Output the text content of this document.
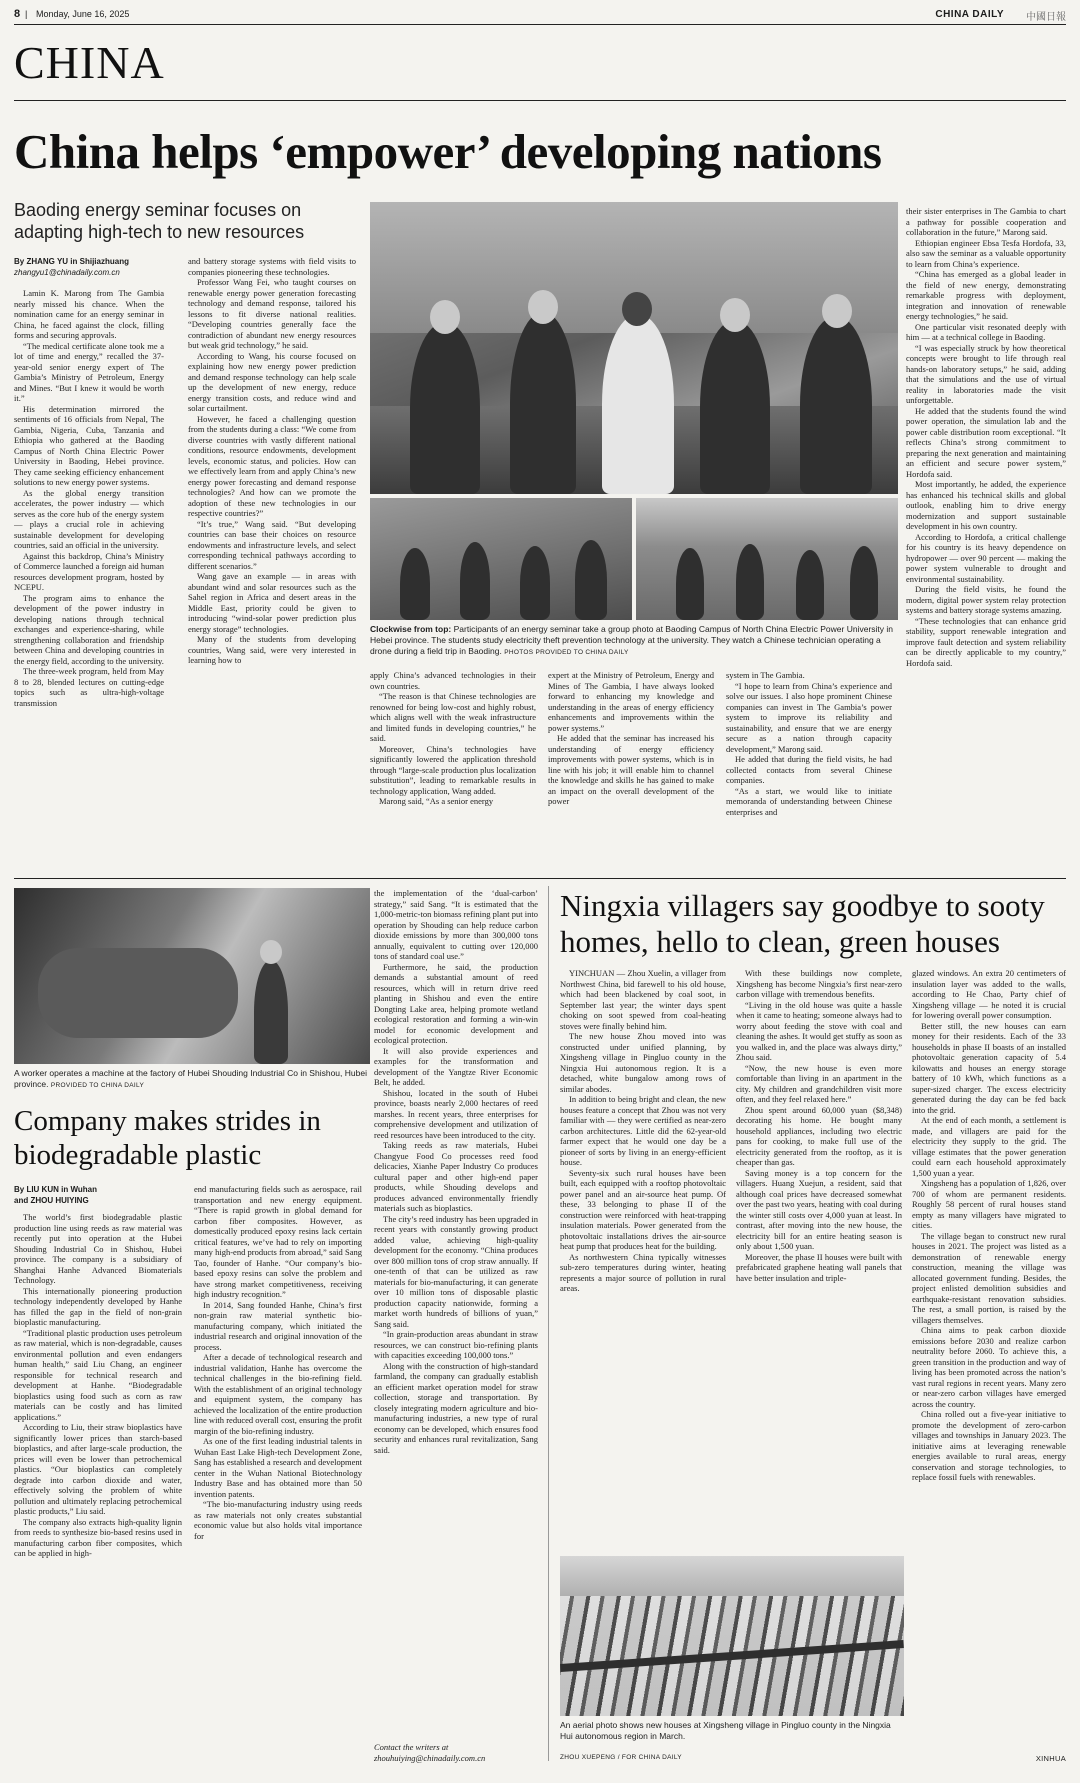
8 | Monday, June 16, 2025	CHINA DAILY 中國日報
CHINA
China helps ‘empower’ developing nations
Baoding energy seminar focuses on adapting high-tech to new resources
By ZHANG YU in Shijiazhuang
zhangyu1@chinadaily.com.cn

Lamin K. Marong from The Gambia nearly missed his chance. When the nomination came for an energy seminar in China, he faced against the clock, filling forms and securing approvals.

“The medical certificate alone took me a lot of time and energy,” recalled the 37-year-old senior energy expert of The Gambia’s Ministry of Petroleum, Energy and Mines. “But I knew it would be worth it.”

His determination mirrored the sentiments of 16 officials from Nepal, The Gambia, Nigeria, Cuba, Tanzania and Ethiopia who gathered at the Baoding Campus of North China Electric Power University in Baoding, Hebei province. They came seeking efficiency enhancement solutions to new energy power systems.

As the global energy transition accelerates, the power industry — which serves as the core hub of the energy system — plays a crucial role in achieving sustainable development for developing countries, said an official in the university.

Against this backdrop, China’s Ministry of Commerce launched a foreign aid human resources development program, hosted by NCEPU.

The program aims to enhance the development of the power industry in developing nations through technical exchanges and experience-sharing, while strengthening collaboration and friendship between China and developing countries in the energy field, according to the university.

The three-week program, held from May 8 to 28, blended lectures on cutting-edge topics such as ultra-high-voltage transmission

and battery storage systems with field visits to companies pioneering these technologies.

Professor Wang Fei, who taught courses on renewable energy power generation forecasting technology and demand response, tailored his lessons to fit diverse national realities. “Developing countries generally face the contradiction of abundant new energy resources but weak grid technology,” he said.

According to Wang, his course focused on explaining how new energy power prediction and demand response technology can help scale up the development of new energy, reduce energy transition costs, and reduce wind and solar curtailment.

However, he faced a challenging question from the students during a class: “We come from diverse countries with vastly different national conditions, resource endowments, development levels, economic status, and policies. How can we effectively learn from and apply China’s new energy power forecasting and demand response technologies? And how can we promote the adoption of these new technologies in our respective countries?”

“It’s true,” Wang said. “But developing countries can base their choices on resource endowments and infrastructure levels, and select corresponding technical pathways according to different scenarios.”

Wang gave an example — in areas with abundant wind and solar resources such as the Sahel region in Africa and desert areas in the Middle East, priority could be given to introducing “wind-solar power prediction plus energy storage” technologies.

Many of the students from developing countries, Wang said, were very interested in learning how to

Clockwise from top: Participants of an energy seminar take a group photo at Baoding Campus of North China Electric Power University in Hebei province. The students study electricity theft prevention technology at the university. They watch a Chinese technician operating a drone during a field trip in Baoding. PHOTOS PROVIDED TO CHINA DAILY

apply China’s advanced technologies in their own countries.

“The reason is that Chinese technologies are renowned for being low-cost and highly robust, which aligns well with the weak infrastructure and limited funds in developing countries,” he said.

Moreover, China’s technologies have significantly lowered the application threshold through “large-scale production plus localization substitution”, leading to remarkable results in technology application, Wang added.

Marong said, “As a senior energy

expert at the Ministry of Petroleum, Energy and Mines of The Gambia, I have always looked forward to enhancing my knowledge and understanding in the areas of energy efficiency enhancements and improvements within the power systems.”

He added that the seminar has increased his understanding of energy efficiency improvements with power systems, which is in line with his job; it will enable him to channel the knowledge and skills he has gained to make an impact on the overall development of the power

system in The Gambia.

“I hope to learn from China’s experience and solve our issues. I also hope prominent Chinese companies can invest in The Gambia’s power system to improve its reliability and sustainability, and ensure that we are energy secure as a nation through capacity development,” Marong said.

He added that during the field visits, he had collected contacts from several Chinese companies.

“As a start, we would like to initiate memoranda of understanding between Chinese enterprises and

their sister enterprises in The Gambia to chart a pathway for possible cooperation and collaboration in the future,” Marong said.

Ethiopian engineer Ebsa Tesfa Hordofa, 33, also saw the seminar as a valuable opportunity to learn from China’s experience.

“China has emerged as a global leader in the field of new energy, demonstrating remarkable progress with deployment, integration and innovation of renewable energy technologies,” he said.

One particular visit resonated deeply with him — at a technical college in Baoding.

“I was especially struck by how theoretical concepts were brought to life through real hands-on laboratory setups,” he said, adding that the simulations and the use of virtual reality in laboratories made the visit unforgettable.

He added that the students found the wind power operation, the simulation lab and the power cable distribution room exceptional. “It reflects China’s strong commitment to preparing the next generation and maintaining an efficient and secure power system,” Hordofa said.

Most importantly, he added, the experience has enhanced his technical skills and global outlook, enabling him to drive energy modernization and support sustainable development in his own country.

According to Hordofa, a critical challenge for his country is its heavy dependence on hydropower — over 90 percent — making the power system vulnerable to drought and environmental sustainability.

During the field visits, he found the modern, digital power system relay protection systems and battery storage systems amazing.

“These technologies that can enhance grid stability, support renewable integration and improve fault detection and system reliability can be directly applicable to my country,” Hordofa said.

A worker operates a machine at the factory of Hubei Shouding Industrial Co in Shishou, Hubei province. PROVIDED TO CHINA DAILY
Company makes strides in biodegradable plastic
By LIU KUN in Wuhan
and ZHOU HUIYING

The world’s first biodegradable plastic production line using reeds as raw material was recently put into operation at the Hubei Shouding Industrial Co in Shishou, Hubei province. The company is a subsidiary of Shanghai Hanhe Advanced Biomaterials Technology.

This internationally pioneering production technology independently developed by Hanhe has filled the gap in the field of non-grain bioplastic manufacturing.

“Traditional plastic production uses petroleum as raw material, which is non-degradable, causes environmental pollution and even endangers human health,” said Liu Chang, an engineer responsible for technical research and development at Hanhe. “Biodegradable bioplastics using food such as corn as raw materials can be costly and has limited applications.”

According to Liu, their straw bioplastics have significantly lower prices than starch-based bioplastics, and after large-scale production, the prices will even be lower than petrochemical plastics. “Our bioplastics can completely degrade into carbon dioxide and water, effectively solving the problem of white pollution and ultimately replacing petrochemical plastic products,” Liu said.

The company also extracts high-quality lignin from reeds to synthesize bio-based resins used in manufacturing carbon fiber composites, which can be applied in high-

end manufacturing fields such as aerospace, rail transportation and new energy equipment. “There is rapid growth in global demand for carbon fiber composites. However, as domestically produced epoxy resins lack certain critical features, we’ve had to rely on importing many high-end products from abroad,” said Sang Tao, founder of Hanhe. “Our company’s bio-based epoxy resins can solve the problem and have strong market competitiveness, receiving high industry recognition.”

In 2014, Sang founded Hanhe, China’s first non-grain raw material synthetic bio-manufacturing company, which initiated the industrial research and original innovation of the process.

After a decade of technological research and industrial validation, Hanhe has overcome the technical challenges in the bio-refining field. With the establishment of an original technology and equipment system, the company has achieved the localization of the entire production line with reduced overall cost, ensuring the profit margin of the bio-refining industry.

As one of the first leading industrial talents in Wuhan East Lake High-tech Development Zone, Sang has established a research and development center in the Wuhan National Biotechnology Industry Base and has obtained more than 50 invention patents.

“The bio-manufacturing industry using reeds as raw materials not only creates substantial economic value but also holds vital importance for

the implementation of the ‘dual-carbon’ strategy,” said Sang. “It is estimated that the 1,000-metric-ton biomass refining plant put into operation by Shouding can help reduce carbon dioxide emissions by more than 300,000 tons annually, equivalent to cutting over 120,000 tons of standard coal use.”

Furthermore, he said, the production demands a substantial amount of reed resources, which will in return drive reed planting in Shishou and even the entire Dongting Lake area, helping promote wetland ecological restoration and forming a win-win model for economic development and ecological protection.

It will also provide experiences and examples for the transformation and development of the Yangtze River Economic Belt, he added.

Shishou, located in the south of Hubei province, boasts nearly 2,000 hectares of reed marshes. In recent years, three enterprises for comprehensive development and utilization of reed resources have been introduced to the city.

Taking reeds as raw materials, Hubei Changyue Food Co processes reed food delicacies, Xianhe Paper Industry Co produces cultural paper and other high-end paper products, while Shouding develops and produces advanced environmentally friendly materials such as bioplastics.

The city’s reed industry has been upgraded in recent years with constantly growing product added value, achieving high-quality development for the economy. “China produces over 800 million tons of crop straw annually. If one-tenth of that can be utilized as raw materials for bio-manufacturing, it can generate over 10 million tons of disposable plastic production capacity nationwide, forming a market worth hundreds of billions of yuan,” Sang said.

“In grain-production areas abundant in straw resources, we can construct bio-refining plants with capacities exceeding 100,000 tons.”

Along with the construction of high-standard farmland, the company can gradually establish an efficient market operation model for straw collection, storage and transportation. By closely integrating modern agriculture and bio-manufacturing industries, a new type of rural economy can be developed, which ensures food security and enhances rural revitalization, Sang said.

Contact the writers at
zhouhuiying@chinadaily.com.cn
Ningxia villagers say goodbye to sooty homes, hello to clean, green houses

YINCHUAN — Zhou Xuelin, a villager from Northwest China, bid farewell to his old house, which had been blackened by coal soot, in September last year; the winter days spent choking on soot spewed from coal-heating stoves were finally behind him.

The new house Zhou moved into was constructed under unified planning, by Xingsheng village in Pingluo county in the Ningxia Hui autonomous region. It is a detached, white bungalow among rows of similar abodes.

In addition to being bright and clean, the new houses feature a concept that Zhou was not very familiar with — they were certified as near-zero carbon architectures. Little did the 62-year-old farmer expect that he would one day be a pioneer of sorts by living in an energy-efficient house.

Seventy-six such rural houses have been built, each equipped with a rooftop photovoltaic power panel and an air-source heat pump. Of these, 33 belonging to phase II of the construction were reinforced with heat-trapping insulation materials. Power generated from the photovoltaic installations drives the air-source heat pump that produces heat for the building.

As northwestern China typically witnesses sub-zero temperatures during winter, heating represents a major source of pollution in rural areas.

With these buildings now complete, Xingsheng has become Ningxia’s first near-zero carbon village with tremendous benefits.

“Living in the old house was quite a hassle when it came to heating; someone always had to worry about feeding the stove with coal and cleaning the ashes. It would get stuffy as soon as you walked in, and the place was always dirty,” Zhou said.

“Now, the new house is even more comfortable than living in an apartment in the city. My children and grandchildren visit more often, and they feel relaxed here.”

Zhou spent around 60,000 yuan ($8,348) decorating his home. He bought many household appliances, including two electric pans for cooking, to make full use of the electricity generated from the rooftop, as it is cheaper than gas.

Saving money is a top concern for the villagers. Huang Xuejun, a resident, said that although coal prices have decreased somewhat over the past two years, heating with coal during the winter still costs over 4,000 yuan at least. In contrast, after moving into the new house, the electricity bill for an entire heating season is only about 1,500 yuan.

Moreover, the phase II houses were built with prefabricated graphene heating wall panels that have better insulation and triple-

glazed windows. An extra 20 centimeters of insulation layer was added to the walls, according to He Chao, Party chief of Xingsheng village — he noted it is crucial for lowering overall power consumption.

Better still, the new houses can earn money for their residents. Each of the 33 households in phase II boasts of an installed photovoltaic generation capacity of 5.4 kilowatts and houses an energy storage battery of 10 kWh, which functions as a super-sized charger. The excess electricity generated during the day can be fed back into the grid.

At the end of each month, a settlement is made, and villagers are paid for the electricity they supply to the grid. The village estimates that the power generation could earn each household approximately 1,500 yuan a year.

Xingsheng has a population of 1,826, over 700 of whom are permanent residents. Roughly 58 percent of rural houses stand empty as many villagers have migrated to cities.

The village began to construct new rural houses in 2021. The project was listed as a demonstration of renewable energy construction, meaning the village was allocated government funding. Besides, the project enlisted demolition subsidies and earthquake-resistant renovation subsidies. The rest, a small portion, is raised by the villagers themselves.

China aims to peak carbon dioxide emissions before 2030 and realize carbon neutrality before 2060. To achieve this, a green transition in the production and way of living has been promoted across the nation’s vast rural regions in recent years. Many zero or near-zero carbon villages have emerged across the country.

China rolled out a five-year initiative to promote the development of zero-carbon villages and townships in January 2023. The initiative aims at leveraging renewable energies available to rural areas, energy conservation and storage technologies, to replace fossil fuels with renewables.

An aerial photo shows new houses at Xingsheng village in Pingluo county in the Ningxia Hui autonomous region in March.
ZHOU XUEPENG / FOR CHINA DAILY	XINHUA
